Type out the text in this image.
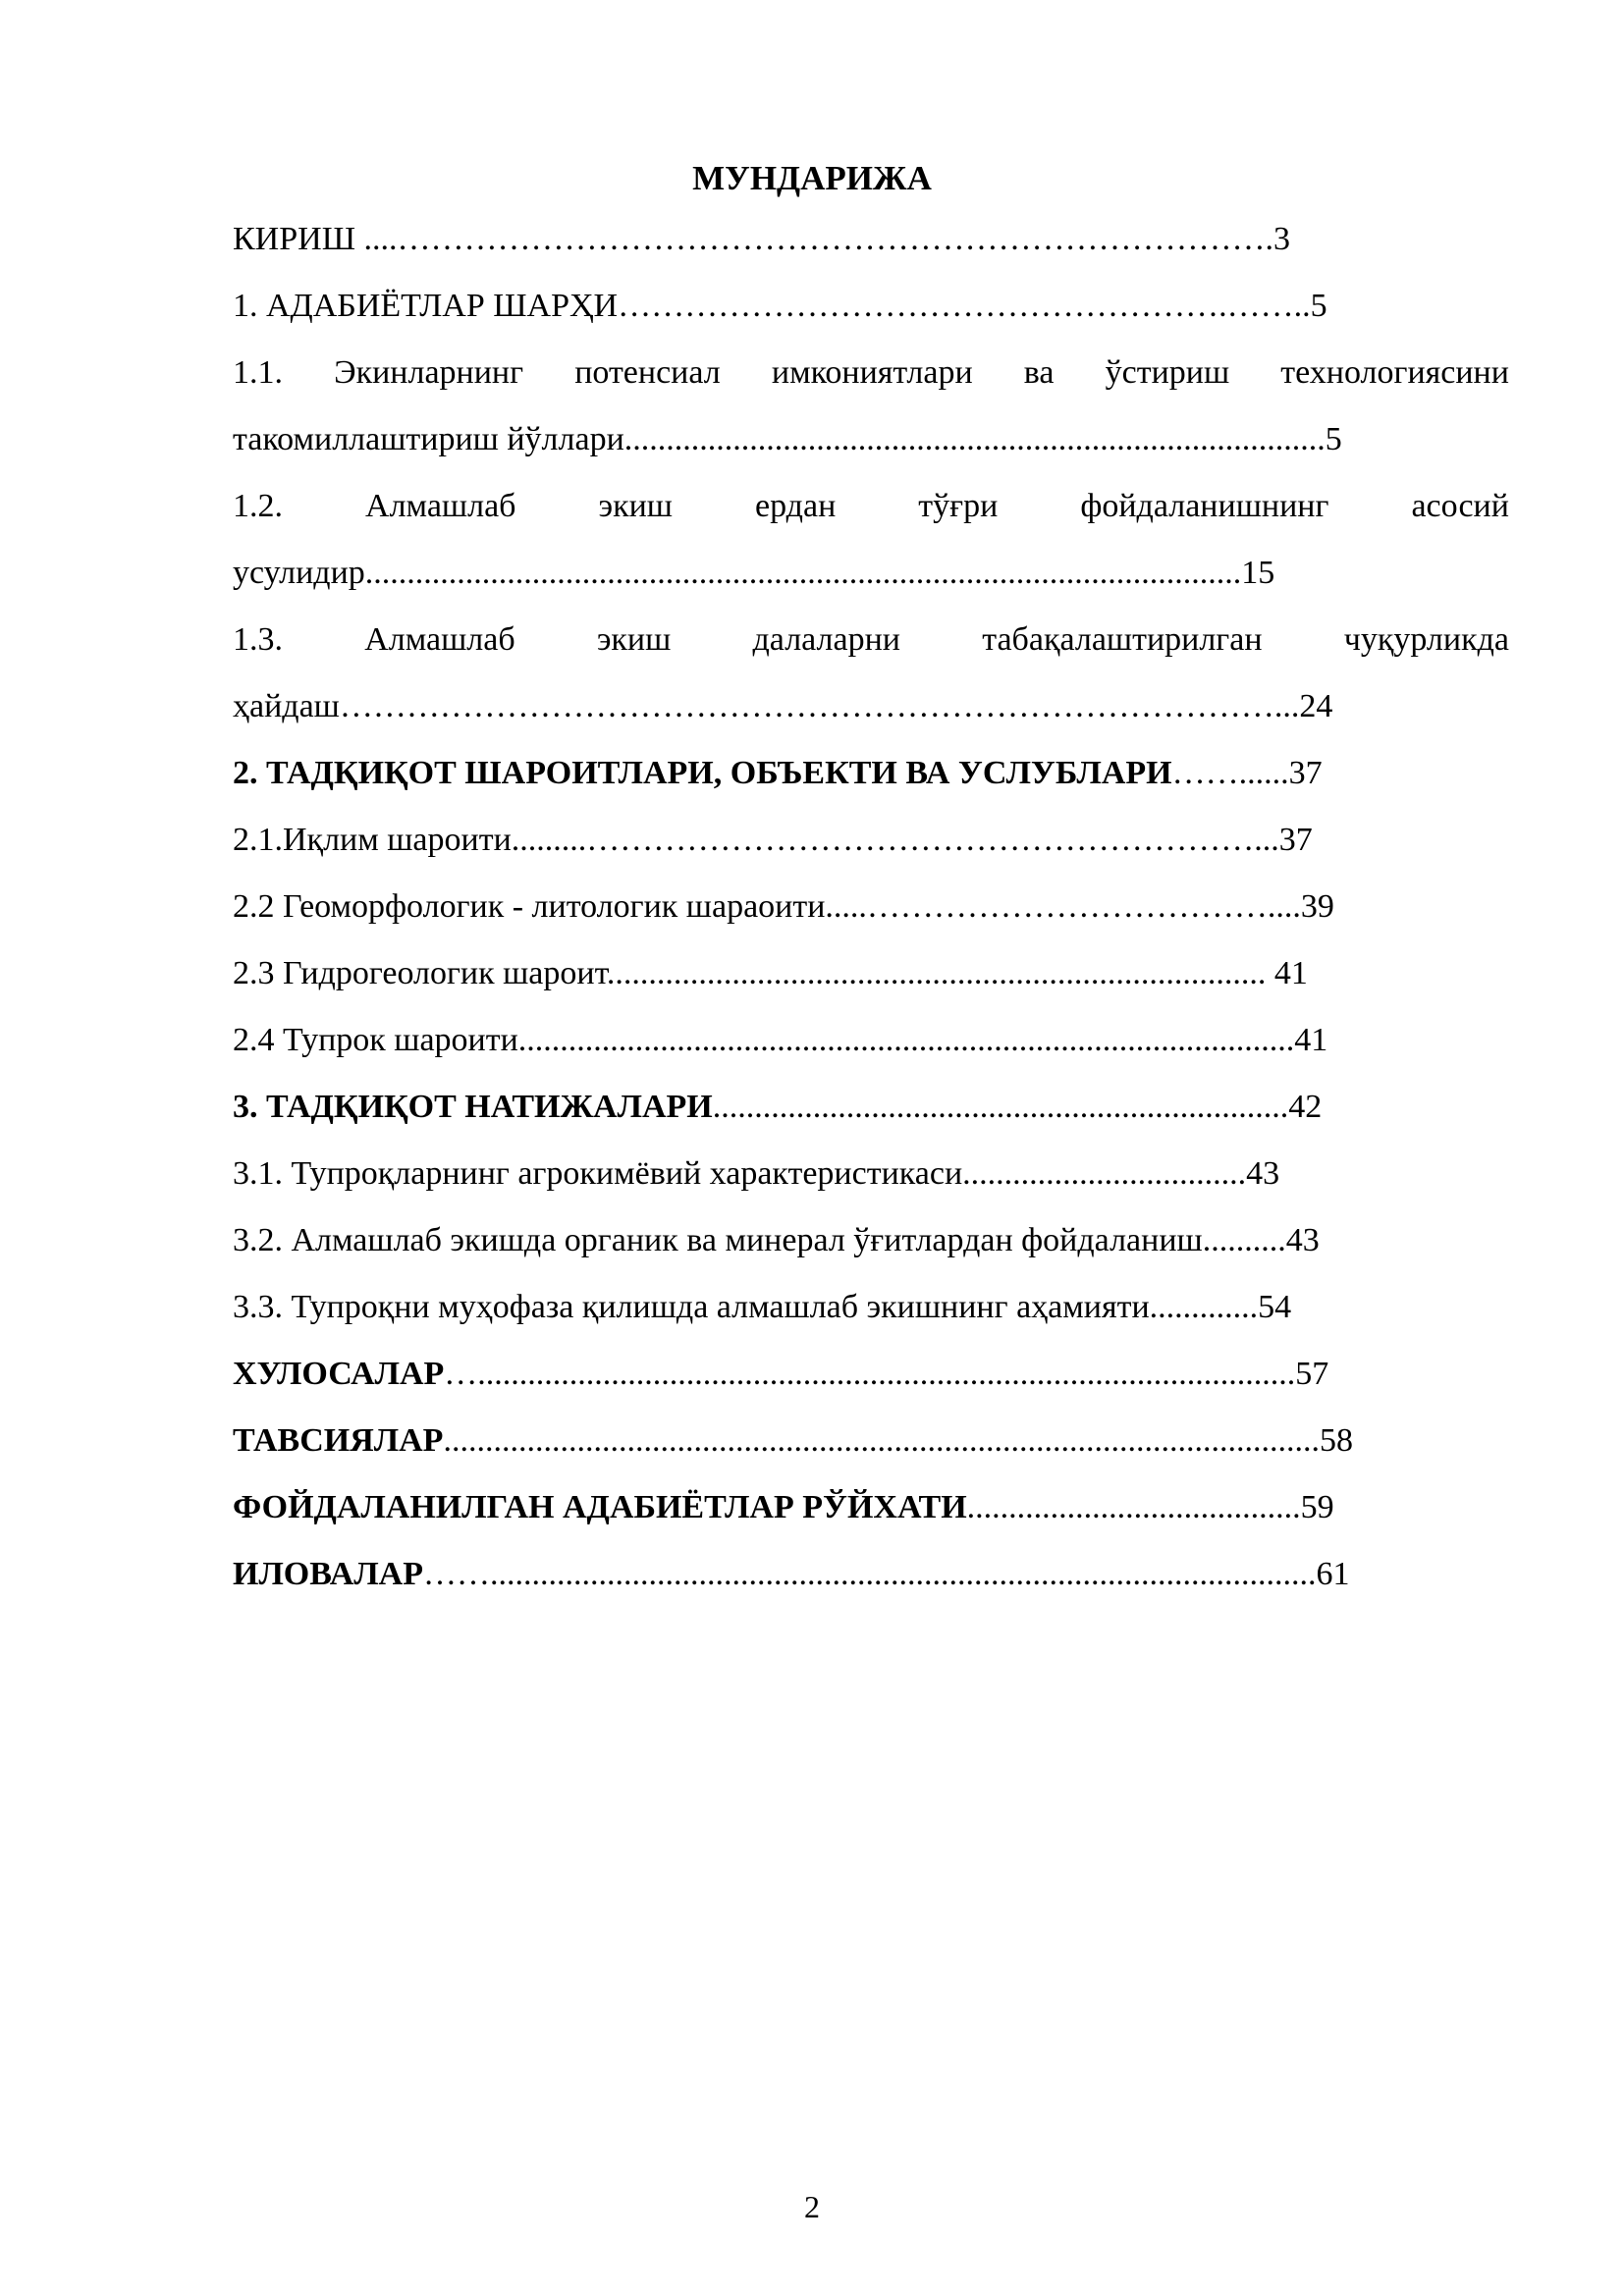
МУНДАРИЖА
КИРИШ ....…………………………………………………………………….3
1. АДАБИЁТЛАР ШАРҲИ……………………………………………….……..5
1.1. Экинларнинг потенсиал имкониятлари ва ўстириш технологиясини
такомиллаштириш йўллари....................................................................................5
1.2. Алмашлаб экиш ердан тўғри фойдаланишнинг асосий
усулидир.........................................................................................................15
1.3. Алмашлаб экиш далаларни табақалаштирилган чуқурликда
ҳайдаш…………………………………………………………………………...24
2. ТАДҚИҚОТ ШАРОИТЛАРИ, ОБЪЕКТИ ВА УСЛУБЛАРИ……......37
2.1.Иқлим шароити.........……………………………………………………...37
2.2 Геоморфологик - литологик шараоити.....………………………………....39
2.3 Гидрогеологик шароит............................................................................... 41
2.4 Тупрок шароити.............................................................................................41
3. ТАДҚИҚОТ НАТИЖАЛАРИ.....................................................................42
3.1. Тупроқларнинг агрокимёвий характеристикаси..................................43
3.2. Алмашлаб экишда органик ва минерал ўғитлардан фойдаланиш..........43
3.3. Тупроқни муҳофаза қилишда алмашлаб экишнинг аҳамияти.............54
ХУЛОСАЛАР…..................................................................................................57
ТАВСИЯЛАР.........................................................................................................58
ФОЙДАЛАНИЛГАН АДАБИЁТЛАР РЎЙХАТИ........................................59
ИЛОВАЛАР……...................................................................................................61
2
